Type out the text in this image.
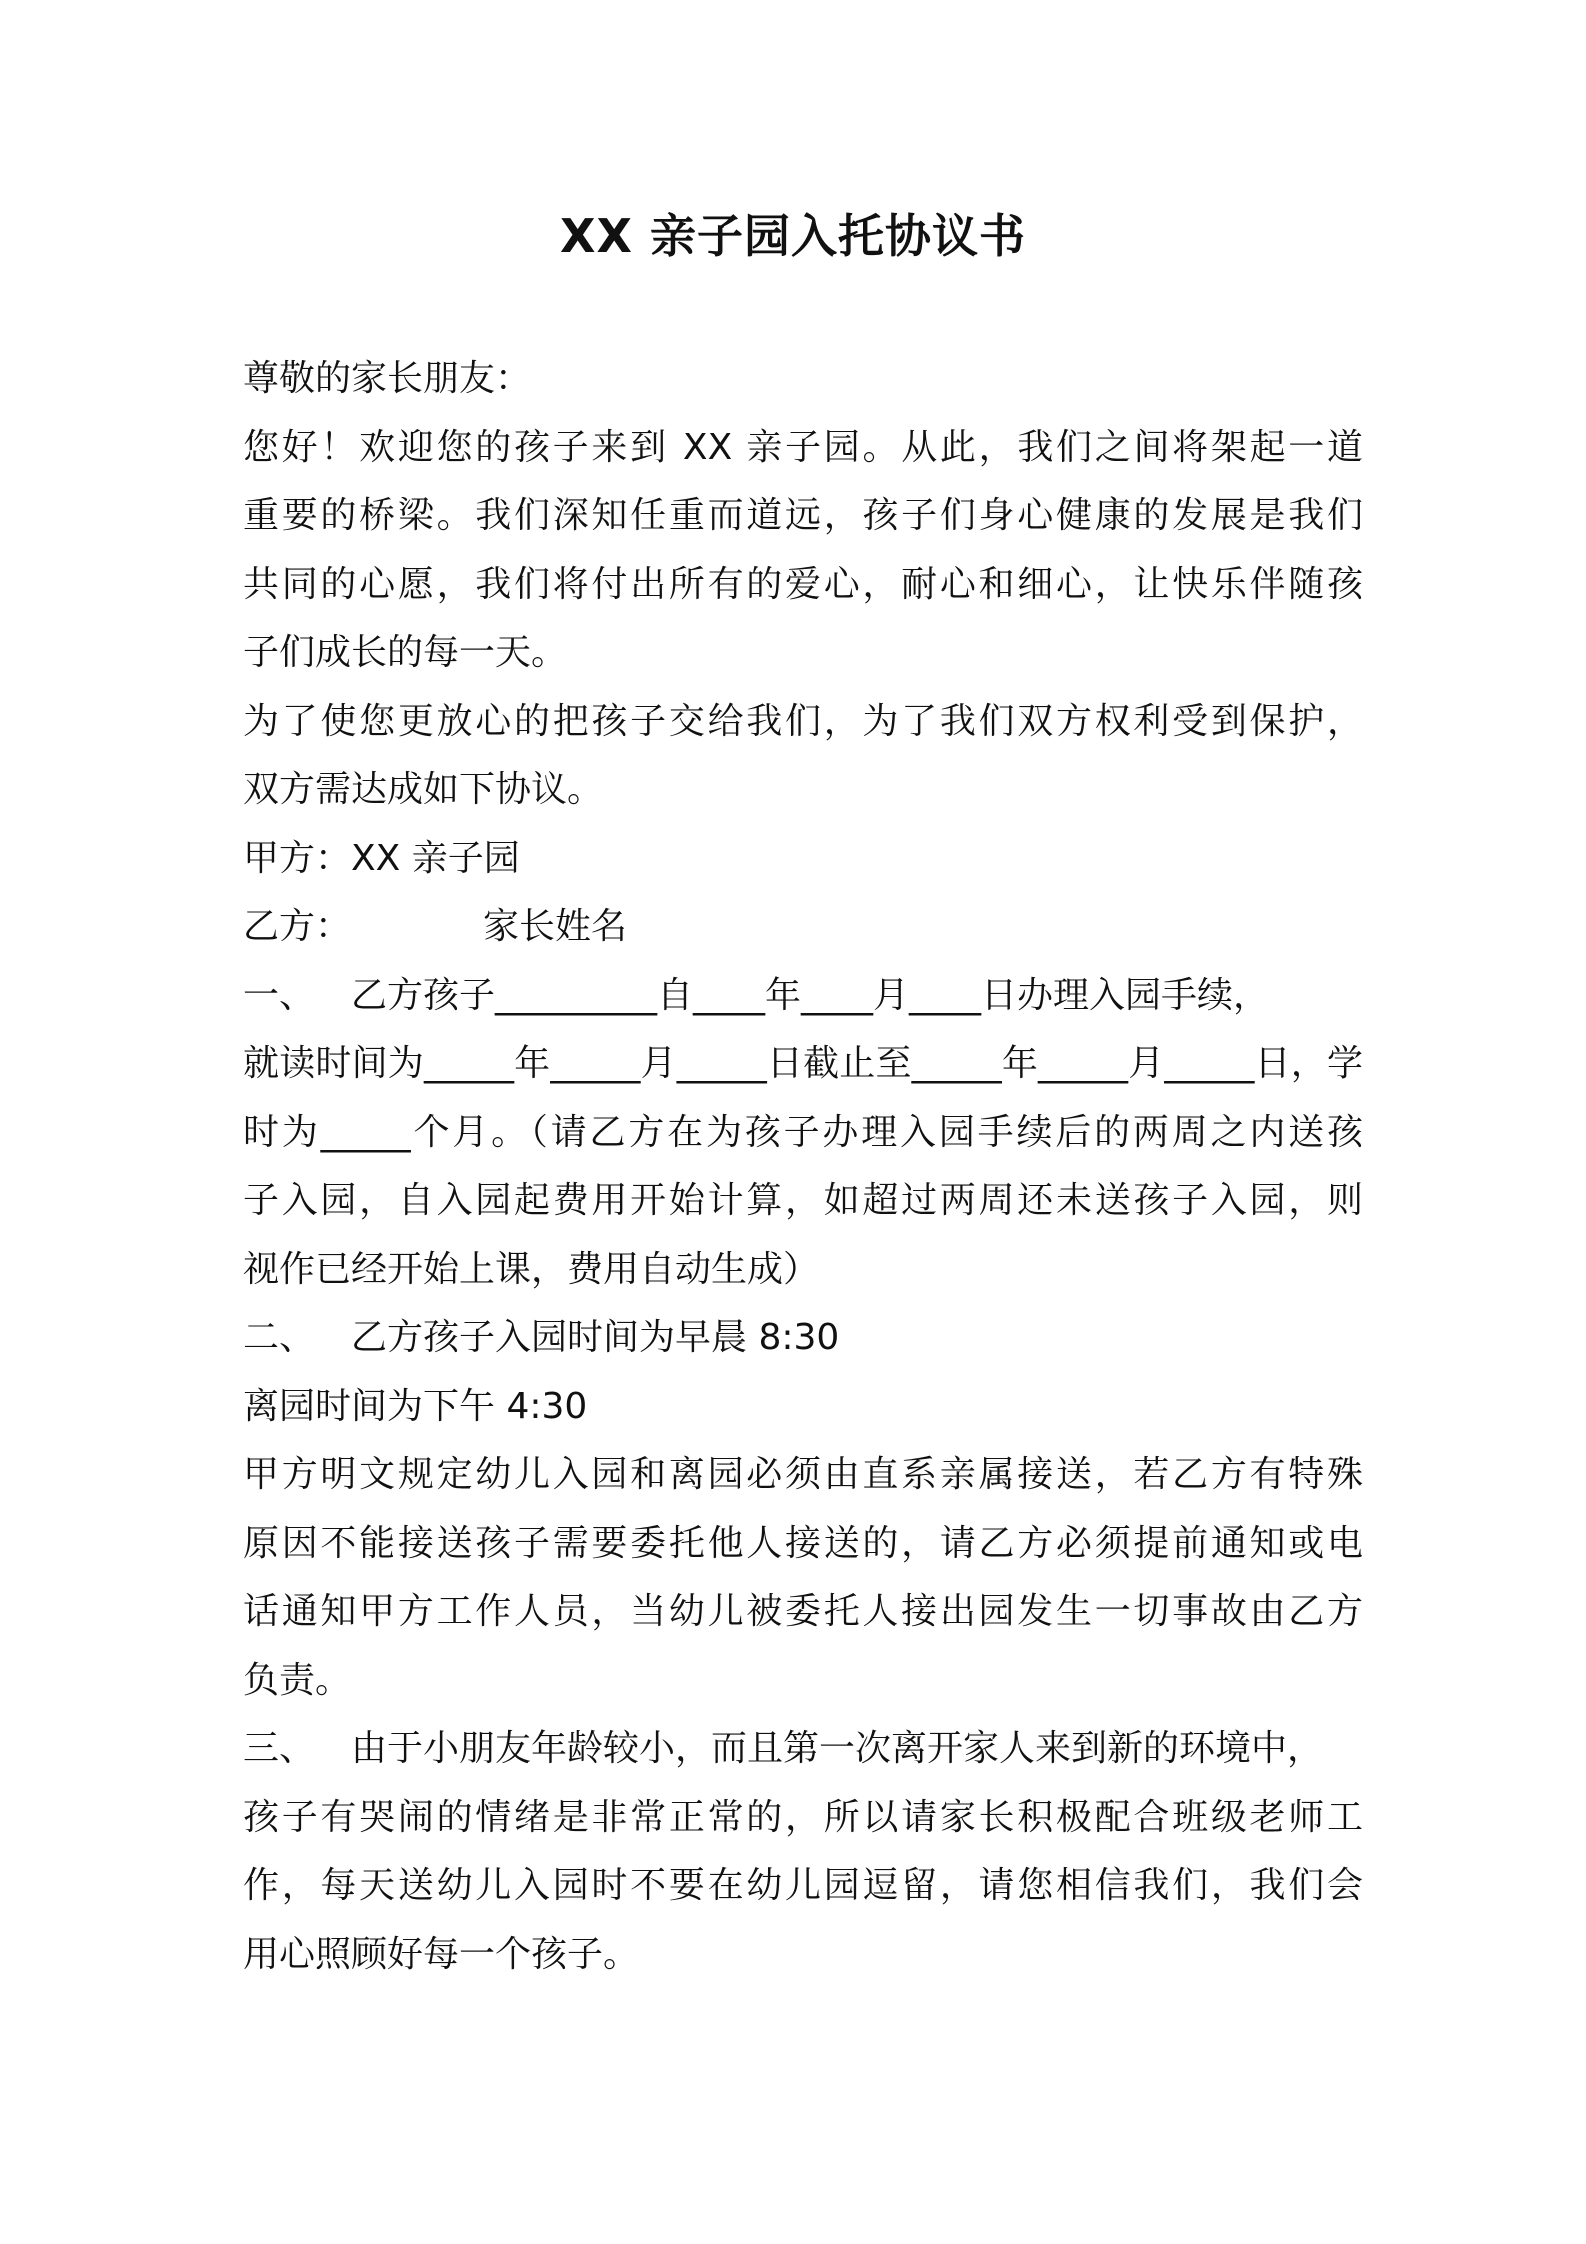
XX 亲子园入托协议书
尊敬的家长朋友：
您好！欢迎您的孩子来到 XX 亲子园。从此，我们之间将架起一道
重要的桥梁。我们深知任重而道远，孩子们身心健康的发展是我们
共同的心愿，我们将付出所有的爱心，耐心和细心，让快乐伴随孩
子们成长的每一天。
为了使您更放心的把孩子交给我们，为了我们双方权利受到保护，
双方需达成如下协议。
甲方：XX 亲子园
乙方：	家长姓名
一、 乙方孩子_________自____年____月____日办理入园手续，
就读时间为_____年_____月_____日截止至_____年_____月_____日，学
时为_____个月。（请乙方在为孩子办理入园手续后的两周之内送孩
子入园，自入园起费用开始计算，如超过两周还未送孩子入园，则
视作已经开始上课，费用自动生成）
二、 乙方孩子入园时间为早晨 8:30
离园时间为下午 4:30
甲方明文规定幼儿入园和离园必须由直系亲属接送，若乙方有特殊
原因不能接送孩子需要委托他人接送的，请乙方必须提前通知或电
话通知甲方工作人员，当幼儿被委托人接出园发生一切事故由乙方
负责。
三、 由于小朋友年龄较小，而且第一次离开家人来到新的环境中，
孩子有哭闹的情绪是非常正常的，所以请家长积极配合班级老师工
作，每天送幼儿入园时不要在幼儿园逗留，请您相信我们，我们会
用心照顾好每一个孩子。
